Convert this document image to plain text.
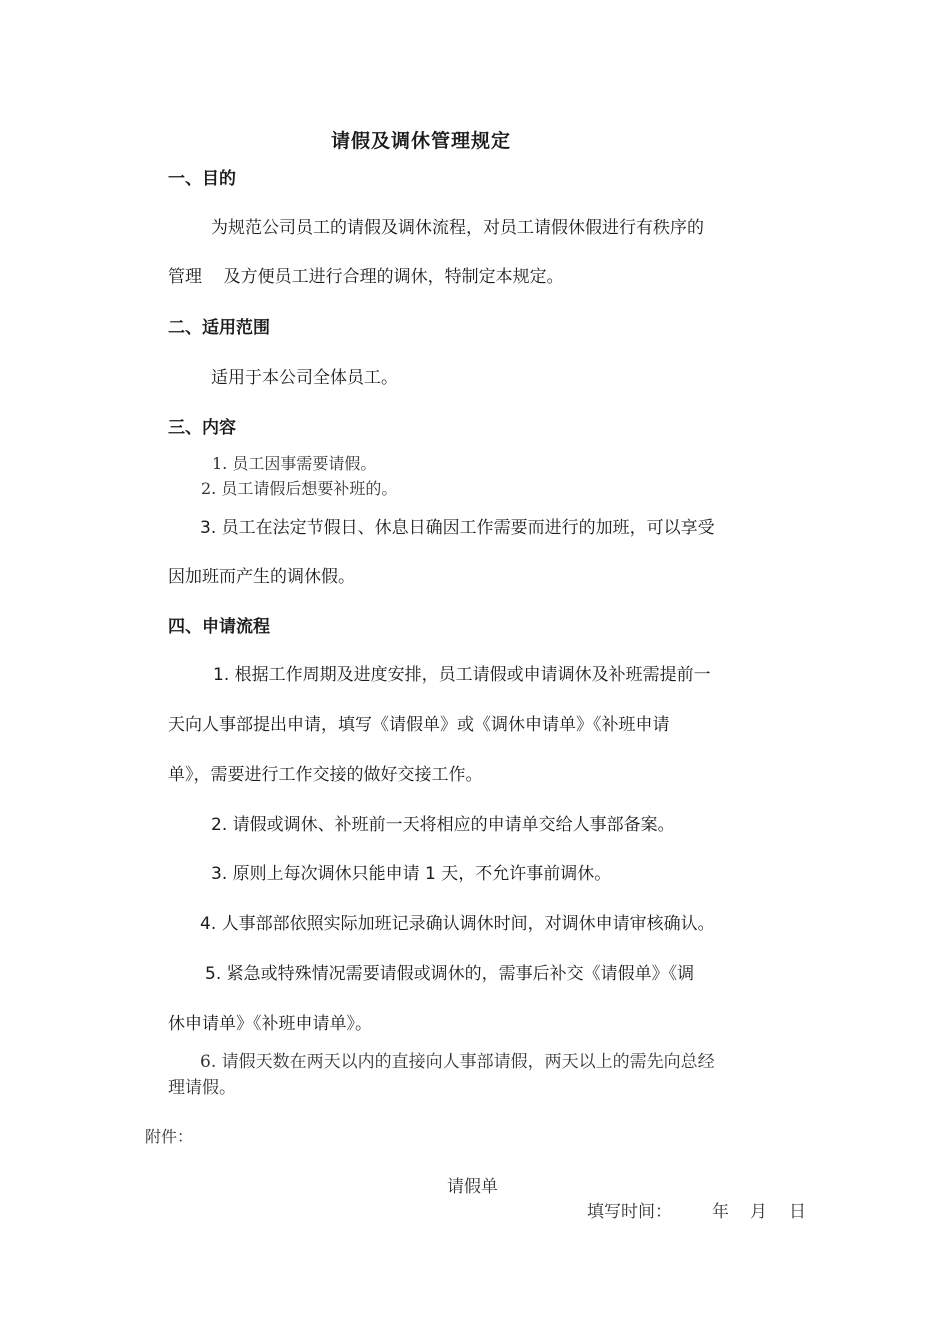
请假及调休管理规定
一、目的
为规范公司员工的请假及调休流程，对员工请假休假进行有秩序的
管理    及方便员工进行合理的调休，特制定本规定。
二、适用范围
适用于本公司全体员工。
三、内容
1. 员工因事需要请假。
2. 员工请假后想要补班的。
3. 员工在法定节假日、休息日确因工作需要而进行的加班，可以享受
因加班而产生的调休假。
四、申请流程
1. 根据工作周期及进度安排，员工请假或申请调休及补班需提前一
天向人事部提出申请，填写《请假单》或《调休申请单》《补班申请
单》，需要进行工作交接的做好交接工作。
2. 请假或调休、补班前一天将相应的申请单交给人事部备案。
3. 原则上每次调休只能申请 1 天，不允许事前调休。
4. 人事部部依照实际加班记录确认调休时间，对调休申请审核确认。
5. 紧急或特殊情况需要请假或调休的，需事后补交《请假单》《调
休申请单》《补班申请单》。
6. 请假天数在两天以内的直接向人事部请假，两天以上的需先向总经
理请假。
附件：
请假单
填写时间： 年 月 日
